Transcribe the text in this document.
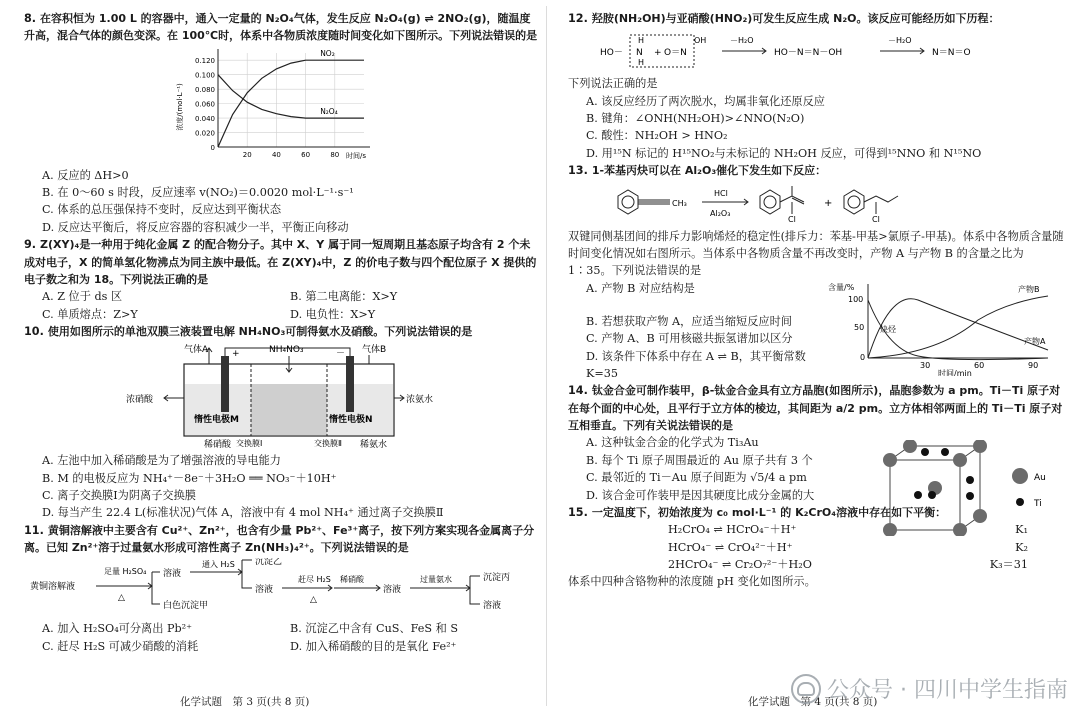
8. 在容积恒为 1.00 L 的容器中，通入一定量的 N₂O₄气体，发生反应 N₂O₄(g) ⇌ 2NO₂(g)，随温度升高，混合气体的颜色变深。在 100℃时，体系中各物质浓度随时间变化如下图所示。下列说法错误的是

0.120
0.100
0.080
0.060
0.040
0.020
0
20	40	60	80 时间/s
浓度/(mol·L⁻¹)
NO₂
N₂O₄

A. 反应的 ΔH>0

B. 在 0～60 s 时段，反应速率 v(NO₂)＝0.0020 mol·L⁻¹·s⁻¹

C. 体系的总压强保持不变时，反应达到平衡状态

D. 反应达平衡后，将反应容器的容积减少一半，平衡正向移动

9. Z(XY)₄是一种用于纯化金属 Z 的配合物分子。其中 X、Y 属于同一短周期且基态原子均含有 2 个未成对电子，X 的简单氢化物沸点为同主族中最低。在 Z(XY)₄中，Z 的价电子数与四个配位原子 X 提供的电子数之和为 18。下列说法正确的是

A. Z 位于 ds 区	B. 第二电离能：X>Y
C. 单质熔点：Z>Y	D. 电负性：X>Y

10. 使用如图所示的单池双膜三液装置电解 NH₄NO₃可制得氨水及硝酸。下列说法错误的是

气体A	NH₄NO₃	气体B
+	－
浓硝酸	浓氨水
惰性电极M	惰性电极N
稀硝酸 交换膜Ⅰ	交换膜Ⅱ 稀氨水

A. 左池中加入稀硝酸是为了增强溶液的导电能力

B. M 的电极反应为 NH₄⁺－8e⁻＋3H₂O ══ NO₃⁻＋10H⁺

C. 离子交换膜Ⅰ为阴离子交换膜

D. 每当产生 22.4 L(标准状况)气体 A，溶液中有 4 mol NH₄⁺ 通过离子交换膜Ⅱ

11. 黄铜溶解液中主要含有 Cu²⁺、Zn²⁺，也含有少量 Pb²⁺、Fe³⁺离子，按下列方案实现各金属离子分离。已知 Zn²⁺溶于过量氨水形成可溶性离子 Zn(NH₃)₄²⁺。下列说法错误的是

黄铜溶解液
足量 H₂SO₄
△
溶液
白色沉淀甲
通入 H₂S 沉淀乙
溶液
赶尽 H₂S
△
稀硝酸
溶液
过量氨水	沉淀丙
溶液
A. 加入 H₂SO₄可分离出 Pb²⁺	B. 沉淀乙中含有 CuS、FeS 和 S
C. 赶尽 H₂S 可减少硝酸的消耗	D. 加入稀硝酸的目的是氧化 Fe²⁺
化学试题　第 3 页(共 8 页)

12. 羟胺(NH₂OH)与亚硝酸(HNO₂)可发生反应生成 N₂O。该反应可能经历如下历程：

HO－ N
H
H
+ O＝N
OH	－H₂O
HO－N＝N－OH
－H₂O
N＝N＝O

下列说法正确的是

A. 该反应经历了两次脱水，均属非氧化还原反应

B. 键角：∠ONH(NH₂OH)>∠NNO(N₂O)

C. 酸性：NH₂OH > HNO₂

D. 用¹⁵N 标记的 H¹⁵NO₂与未标记的 NH₂OH 反应，可得到¹⁵NNO 和 N¹⁵NO

13. 1-苯基丙炔可以在 Al₂O₃催化下发生如下反应：

CH₃
HCl
Al₂O₃
Cl
+
Cl

双键同侧基团间的排斥力影响烯烃的稳定性(排斥力：苯基-甲基>氯原子-甲基)。体系中各物质含量随时间变化情况如右图所示。当体系中各物质含量不再改变时，产物 A 与产物 B 的含量之比为 1∶35。下列说法错误的是

A. 产物 B 对应结构是

B. 若想获取产物 A，应适当缩短反应时间

C. 产物 A、B 可用核磁共振氢谱加以区分

D. 该条件下体系中存在 A ⇌ B，其平衡常数 K=35

含量/%
100
50
0
30	60	90
时间/min
产物B
炔烃
产物A

14. 钛金合金可制作装甲，β-钛金合金具有立方晶胞(如图所示)，晶胞参数为 a pm。Ti－Ti 原子对在每个面的中心处，且平行于立方体的棱边，其间距为 a/2 pm。立方体相邻两面上的 Ti－Ti 原子对互相垂直。下列有关说法错误的是

A. 这种钛金合金的化学式为 Ti₃Au

B. 每个 Ti 原子周围最近的 Au 原子共有 3 个

C. 最邻近的 Ti－Au 原子间距为 √5/4 a pm

D. 该合金可作装甲是因其硬度比成分金属的大

Au
Ti

15. 一定温度下，初始浓度为 c₀ mol·L⁻¹ 的 K₂CrO₄溶液中存在如下平衡：

H₂CrO₄ ⇌ HCrO₄⁻＋H⁺	K₁
HCrO₄⁻ ⇌ CrO₄²⁻＋H⁺	K₂
2HCrO₄⁻ ⇌ Cr₂O₇²⁻＋H₂O	K₃＝31

体系中四种含铬物种的浓度随 pH 变化如图所示。

化学试题　第 4 页(共 8 页)
公众号 · 四川中学生指南
